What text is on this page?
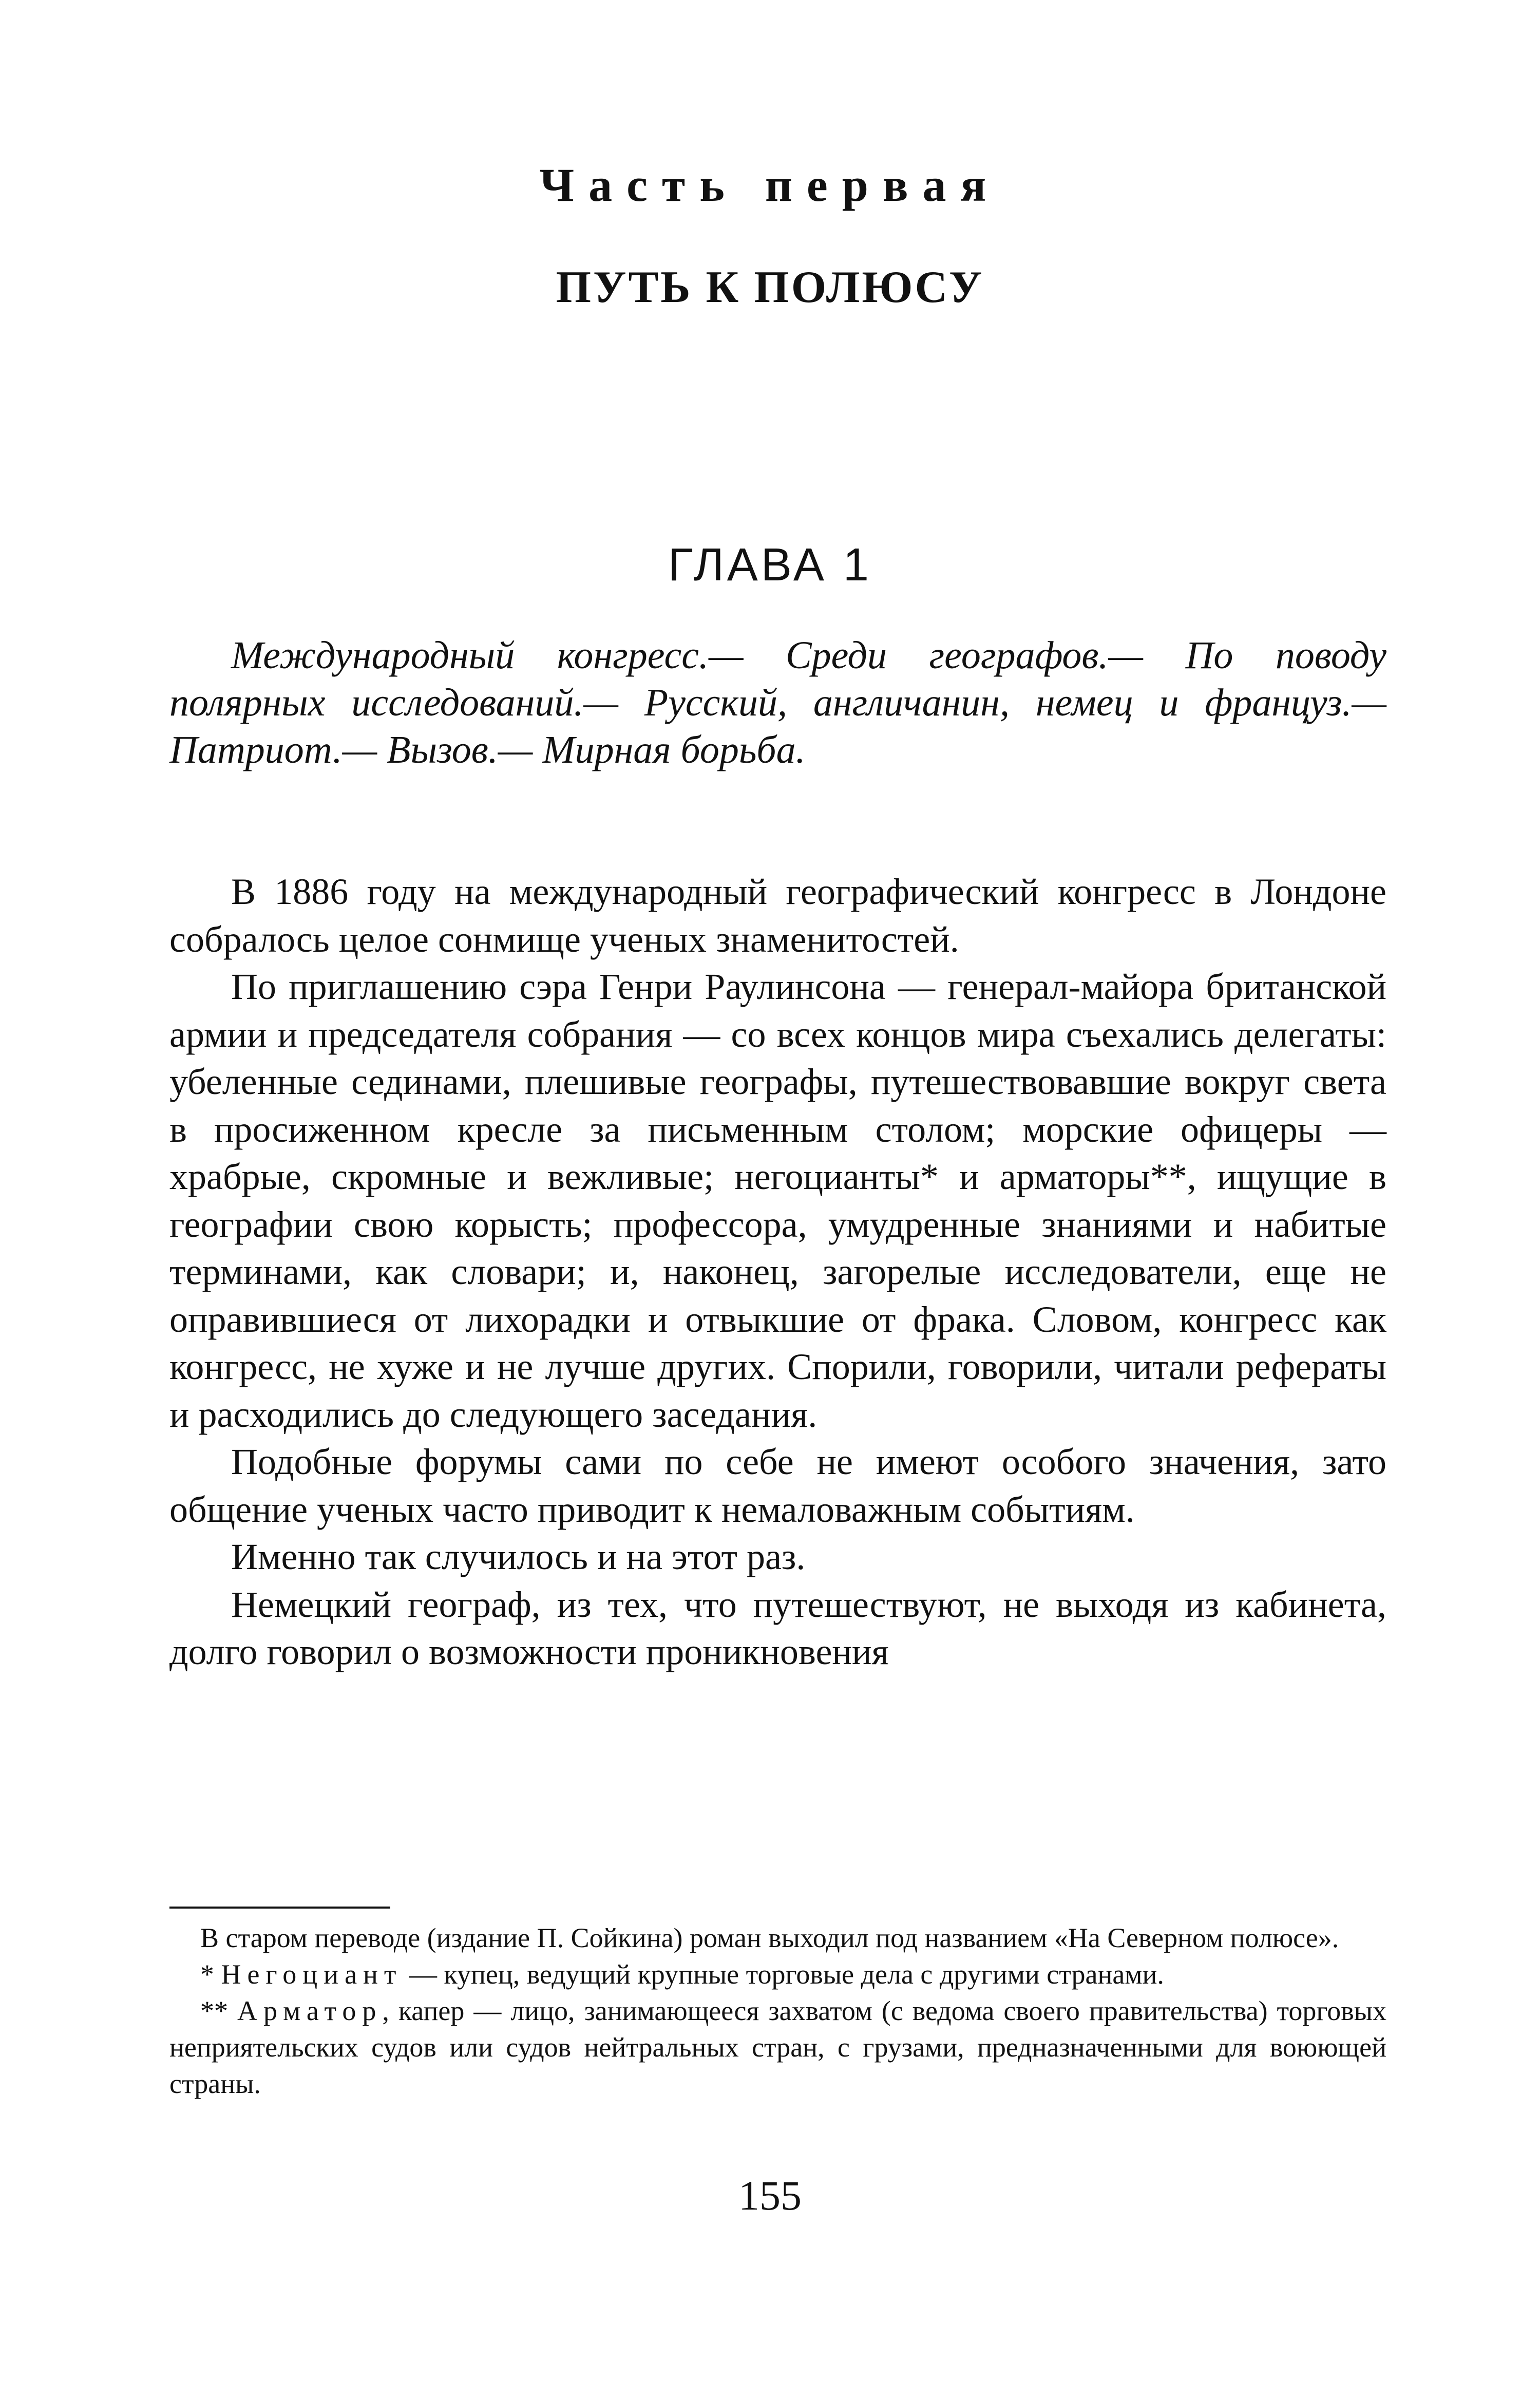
Часть первая
ПУТЬ К ПОЛЮСУ
ГЛАВА 1
Международный конгресс.— Среди географов.— По поводу полярных исследований.— Русский, англичанин, немец и француз.— Патриот.— Вызов.— Мирная борьба.

В 1886 году на международный географический конгресс в Лондоне собралось целое сонмище ученых знаменитостей.

По приглашению сэра Генри Раулинсона — генерал-майора британской армии и председателя собрания — со всех концов мира съехались делегаты: убеленные сединами, плешивые географы, путешествовавшие вокруг света в просиженном кресле за письменным столом; морские офицеры — храбрые, скромные и вежливые; негоцианты* и арматоры**, ищущие в географии свою корысть; профессора, умудренные знаниями и набитые терминами, как словари; и, наконец, загорелые исследователи, еще не оправившиеся от лихорадки и отвыкшие от фрака. Словом, конгресс как конгресс, не хуже и не лучше других. Спорили, говорили, читали рефераты и расходились до следующего заседания.

Подобные форумы сами по себе не имеют особого значения, зато общение ученых часто приводит к немаловажным событиям.

Именно так случилось и на этот раз.

Немецкий географ, из тех, что путешествуют, не выходя из кабинета, долго говорил о возможности проникновения

В старом переводе (издание П. Сойкина) роман выходил под названием «На Северном полюсе».

* Негоциант — купец, ведущий крупные торговые дела с другими странами.

** Арматор, капер — лицо, занимающееся захватом (с ведома своего правительства) торговых неприятельских судов или судов нейтральных стран, с грузами, предназначенными для воюющей страны.

155
